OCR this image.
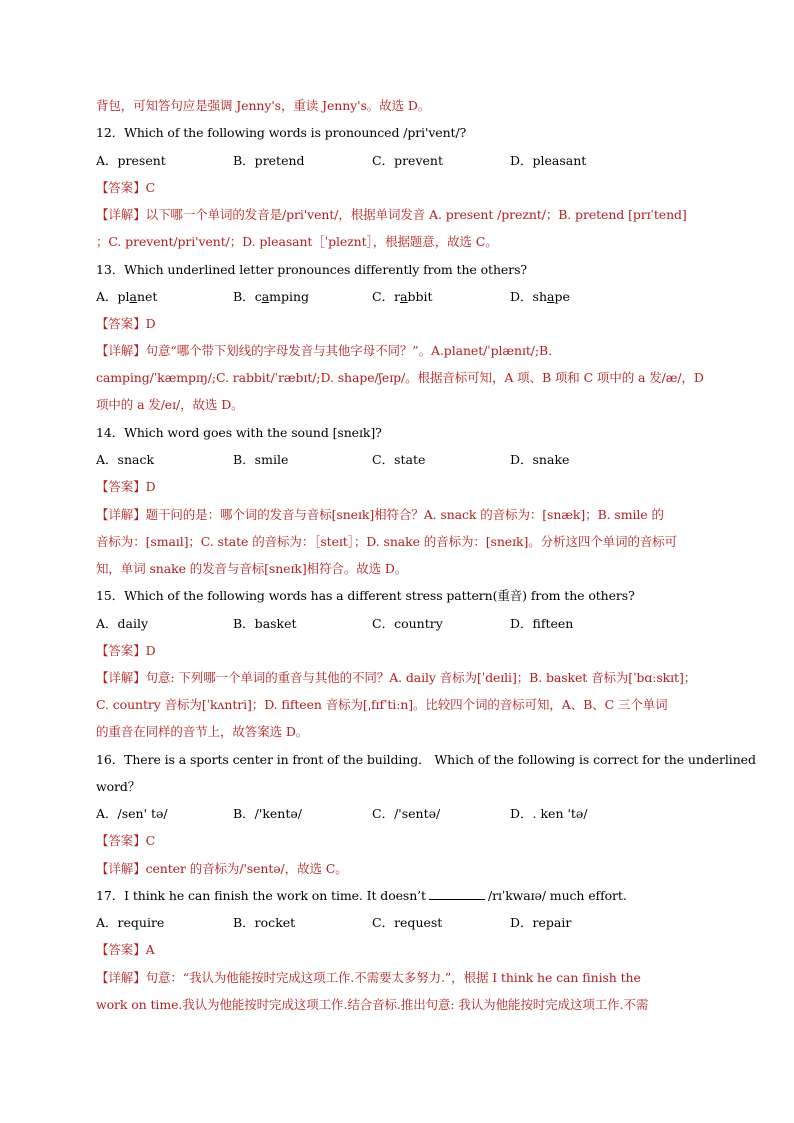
背包，可知答句应是强调 Jenny's，重读 Jenny's。故选 D。
12．Which of the following words is pronounced /pri'vent/?
A．present	B．pretend	C．prevent	D．pleasant
【答案】C
【详解】以下哪一个单词的发音是/pri'vent/，根据单词发音 A. present /preznt/；B. pretend [prɪˈtend]
；C. prevent/pri'vent/；D. pleasant［ˈpleznt］，根据题意，故选 C。
13．Which underlined letter pronounces differently from the others?
A．planet	B．camping	C．rabbit	D．shape
【答案】D
【详解】句意“哪个带下划线的字母发音与其他字母不同？”。A.planet/ˈplænɪt/;B.
camping/ˈkæmpɪŋ/;C. rabbit/ˈræbɪt/;D. shape/ʃeɪp/。根据音标可知，A 项、B 项和 C 项中的 a 发/æ/，D
项中的 a 发/eɪ/，故选 D。
14．Which word goes with the sound [sneɪk]?
A．snack	B．smile	C．state	D．snake
【答案】D
【详解】题干问的是：哪个词的发音与音标[sneɪk]相符合？A. snack 的音标为：[snæk]；B. smile 的
音标为：[smaɪl]；C. state 的音标为：［steɪt］；D. snake 的音标为：[sneɪk]。分析这四个单词的音标可
知，单词 snake 的发音与音标[sneɪk]相符合。故选 D。
15．Which of the following words has a different stress pattern(重音) from the others?
A．daily	B．basket	C．country	D．fifteen
【答案】D
【详解】句意: 下列哪一个单词的重音与其他的不同？A. daily 音标为[ˈdeɪli]；B. basket 音标为[ˈbɑːskɪt]；
C. country 音标为[ˈkʌntri]；D. fifteen 音标为[ˌfɪfˈtiːn]。比较四个词的音标可知，A、B、C 三个单词
的重音在同样的音节上，故答案选 D。
16．There is a sports center in front of the building． Which of the following is correct for the underlined
word？
A．/sen' tə/	B．/'kentə/	C．/'sentə/	D．. ken 'tə/
【答案】C
【详解】center 的音标为/'sentə/，故选 C。
17．I think he can finish the work on time. It doesn’t	/rɪˈkwaɪə/ much effort.
A．require	B．rocket	C．request	D．repair
【答案】A
【详解】句意：“我认为他能按时完成这项工作.不需要太多努力.”，根据 I think he can finish the
work on time.我认为他能按时完成这项工作.结合音标.推出句意: 我认为他能按时完成这项工作.不需
